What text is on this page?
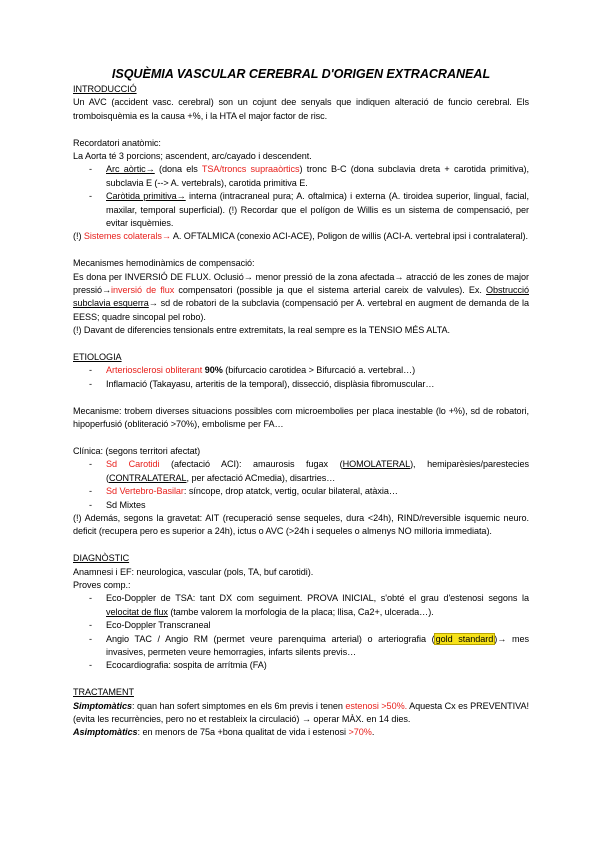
ISQUÈMIA VASCULAR CEREBRAL D'ORIGEN EXTRACRANEAL
INTRODUCCIÓ
Un AVC (accident vasc. cerebral) son un cojunt dee senyals que indiquen alteració de funcio cerebral. Els tromboisquèmia es la causa +%, i la HTA el major factor de risc.
Recordatori anatòmic:
La Aorta té 3 porcions; ascendent, arc/cayado i descendent.
- Arc aòrtic→ (dona els TSA/troncs supraaòrtics) tronc B-C (dona subclavia dreta + carotida primitiva), subclavia E (--> A. vertebrals), carotida primitiva E.
- Caròtida primitiva→ interna (intracraneal pura; A. oftalmica) i externa (A. tiroidea superior, lingual, facial, maxilar, temporal superficial). (!) Recordar que el polígon de Willis es un sistema de compensació, per evitar isquèmies.
(!) Sistemes colaterals→ A. OFTALMICA (conexio ACI-ACE), Poligon de willis (ACI-A. vertebral ipsi i contralateral).
Mecanismes hemodinàmics de compensació:
Es dona per INVERSIÓ DE FLUX. Oclusió→ menor pressió de la zona afectada→ atracció de les zones de major pressió→inversió de flux compensatori (possible ja que el sistema arterial careix de valvules). Ex. Obstrucció subclavia esquerra→ sd de robatori de la subclavia (compensació per A. vertebral en augment de demanda de la EESS; quadre sincopal pel robo).
(!) Davant de diferencies tensionals entre extremitats, la real sempre es la TENSIO MÉS ALTA.
ETIOLOGIA
- Arteriosclerosi obliterant 90% (bifurcacio carotidea > Bifurcació a. vertebral…)
- Inflamació (Takayasu, arteritis de la temporal), dissecció, displàsia fibromuscular…
Mecanisme: trobem diverses situacions possibles com microembolies per placa inestable (lo +%), sd de robatori, hipoperfusió (obliteració >70%), embolisme per FA…
Clínica: (segons territori afectat)
- Sd Carotidi (afectació ACI): amaurosis fugax (HOMOLATERAL), hemiparèsies/parestecies (CONTRALATERAL, per afectació ACmedia), disartries…
- Sd Vertebro-Basilar: síncope, drop atatck, vertig, ocular bilateral, atàxia…
- Sd Mixtes
(!) Además, segons la gravetat: AIT (recuperació sense sequeles, dura <24h), RIND/reversible isquemic neuro. deficit (recupera pero es superior a 24h), ictus o AVC (>24h i sequeles o almenys NO milloria immediata).
DIAGNÒSTIC
Anamnesi i EF: neurologica, vascular (pols, TA, buf carotidi).
Proves comp.:
- Eco-Doppler de TSA: tant DX com seguiment. PROVA INICIAL, s'obté el grau d'estenosi segons la velocitat de flux (tambe valorem la morfologia de la placa; llisa, Ca2+, ulcerada…).
- Eco-Doppler Transcraneal
- Angio TAC / Angio RM (permet veure parenquima arterial) o arteriografia (gold standard)→ mes invasives, permeten veure hemorragies, infarts silents previs…
- Ecocardiografia: sospita de arrítmia (FA)
TRACTAMENT
Simptomàtics: quan han sofert simptomes en els 6m previs i tenen estenosi >50%. Aquesta Cx es PREVENTIVA! (evita les recurrències, pero no et restableix la circulació) → operar MÀX. en 14 dies.
Asimptomàtics: en menors de 75a +bona qualitat de vida i estenosi >70%.
